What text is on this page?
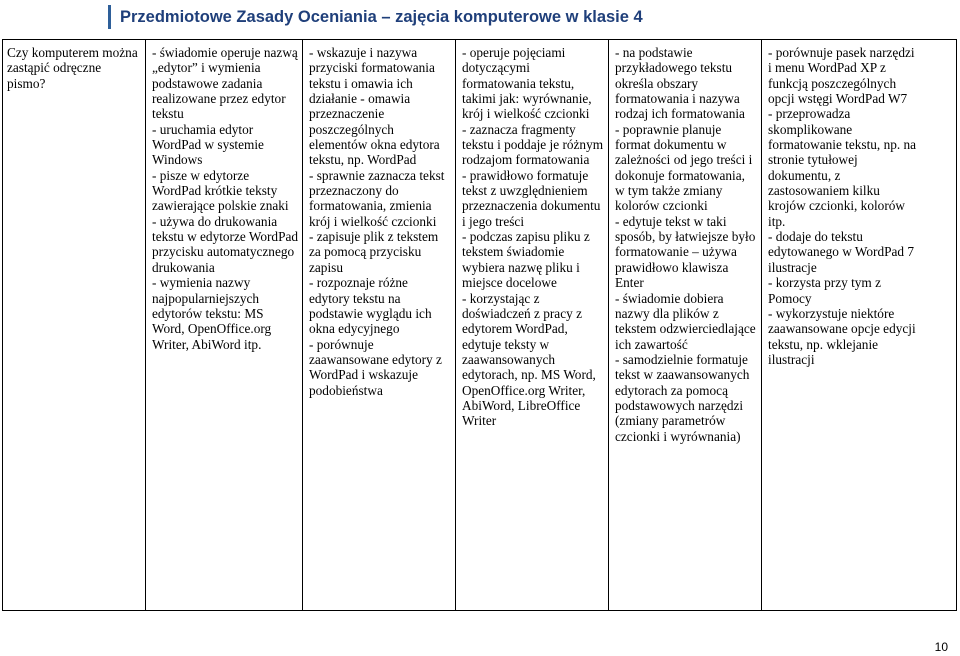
Przedmiotowe Zasady Oceniania – zajęcia komputerowe w klasie 4
Czy komputerem można
zastąpić odręczne
pismo?
- świadomie operuje nazwą
„edytor” i wymienia
podstawowe zadania
realizowane przez edytor
tekstu
- uruchamia edytor
WordPad w systemie
Windows
- pisze w edytorze
WordPad krótkie teksty
zawierające polskie znaki
- używa do drukowania
tekstu w edytorze WordPad
przycisku automatycznego
drukowania
- wymienia nazwy
najpopularniejszych
edytorów tekstu: MS
Word, OpenOffice.org
Writer, AbiWord itp.
- wskazuje i nazywa
przyciski formatowania
tekstu i omawia ich
działanie - omawia
przeznaczenie
poszczególnych
elementów okna edytora
tekstu, np. WordPad
- sprawnie zaznacza tekst
przeznaczony do
formatowania, zmienia
krój i wielkość czcionki
- zapisuje plik z tekstem
za pomocą przycisku
zapisu
- rozpoznaje różne
edytory tekstu na
podstawie wyglądu ich
okna edycyjnego
- porównuje
zaawansowane edytory z
WordPad i wskazuje
podobieństwa
- operuje pojęciami
dotyczącymi
formatowania tekstu,
takimi jak: wyrównanie,
krój i wielkość czcionki
- zaznacza fragmenty
tekstu i poddaje je różnym
rodzajom formatowania
- prawidłowo formatuje
tekst z uwzględnieniem
przeznaczenia dokumentu
i jego treści
- podczas zapisu pliku z
tekstem świadomie
wybiera nazwę pliku i
miejsce docelowe
- korzystając z
doświadczeń z pracy z
edytorem WordPad,
edytuje teksty w
zaawansowanych
edytorach, np. MS Word,
OpenOffice.org Writer,
AbiWord, LibreOffice
Writer
- na podstawie
przykładowego tekstu
określa obszary
formatowania i nazywa
rodzaj ich formatowania
- poprawnie planuje
format dokumentu w
zależności od jego treści i
dokonuje formatowania,
w tym także zmiany
kolorów czcionki
- edytuje tekst w taki
sposób, by łatwiejsze było
formatowanie – używa
prawidłowo klawisza
Enter
- świadomie dobiera
nazwy dla plików z
tekstem odzwierciedlające
ich zawartość
- samodzielnie formatuje
tekst w zaawansowanych
edytorach za pomocą
podstawowych narzędzi
(zmiany parametrów
czcionki i wyrównania)
- porównuje pasek narzędzi
i menu WordPad XP z
funkcją poszczególnych
opcji wstęgi WordPad W7
- przeprowadza
skomplikowane
formatowanie tekstu, np. na
stronie tytułowej
dokumentu, z
zastosowaniem kilku
krojów czcionki, kolorów
itp.
- dodaje do tekstu
edytowanego w WordPad 7
ilustracje
- korzysta przy tym z
Pomocy
- wykorzystuje niektóre
zaawansowane opcje edycji
tekstu, np. wklejanie
ilustracji
10
